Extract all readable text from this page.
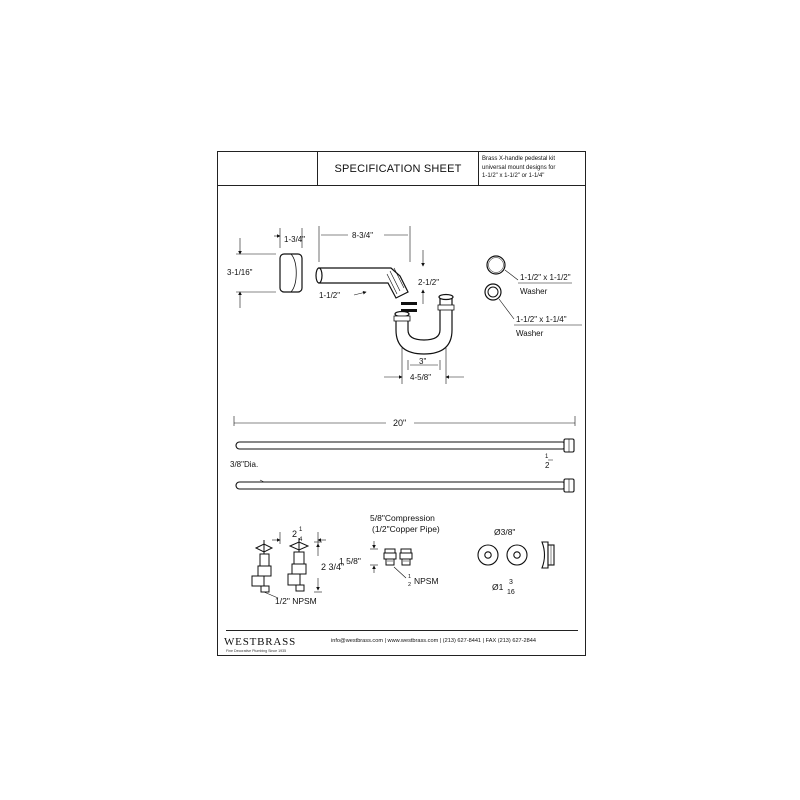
SPECIFICATION SHEET
Brass X-handle pedestal kit
universal mount designs for
1-1/2" x 1-1/2" or 1-1/4"
1-3/4"
3-1/16"
8-3/4"
2-1/2"
1-1/2"
3"
4-5/8"
1-1/2" x 1-1/2"
Washer
1-1/2" x 1-1/4"
Washer
20"
3/8"Dia.
1
2
2 1
4
2 3/4"
1/2" NPSM
5/8"Compression
(1/2"Copper Pipe)
1 5/8"
1
2 NPSM
Ø3/8"
Ø1 3
16
WESTBRASS
Fine Decorative Plumbing Since 1935
info@westbrass.com | www.westbrass.com | (213) 627-8441 | FAX (213) 627-2844
